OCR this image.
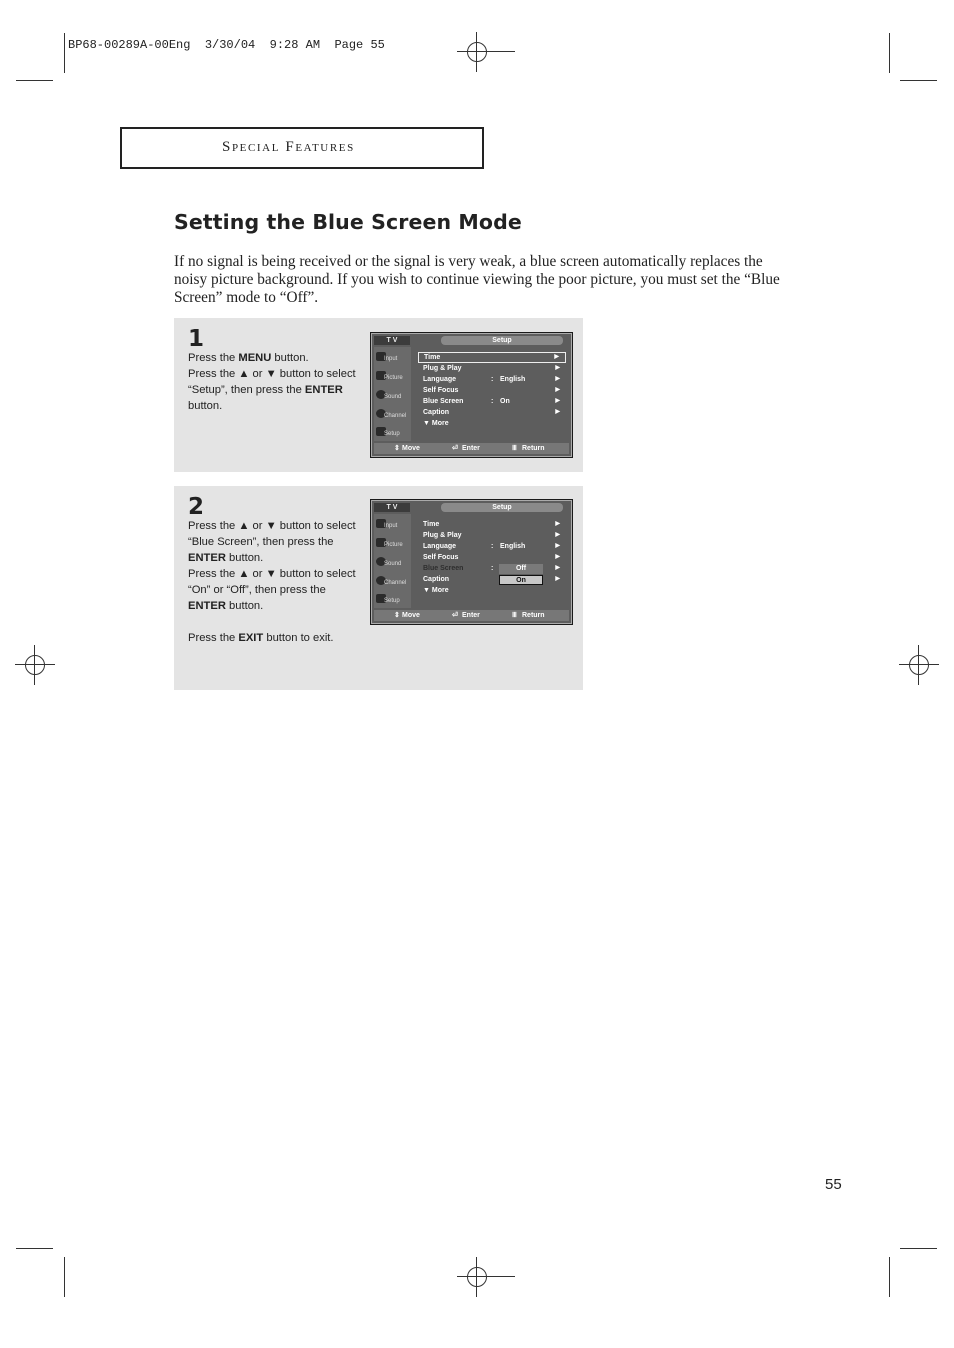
BP68-00289A-00Eng  3/30/04  9:28 AM  Page 55
Special Features
Setting the Blue Screen Mode
If no signal is being received or the signal is very weak, a blue screen automatically replaces the noisy picture background. If you wish to continue viewing the poor picture, you must set the “Blue Screen” mode to “Off”.
1
Press the MENU button.
Press the ▲ or ▼ button to select “Setup”, then press the ENTER button.
T V	Setup
Input
Picture
Sound
Channel
Setup
Time	▶
Plug & Play	▶
Language	: English	▶
Self Focus	▶
Blue Screen	: On	▶
Caption	▶
▼ More
⇕ Move	⏎ Enter	Ⅲ Return
2
Press the ▲ or ▼ button to select “Blue Screen”, then press the ENTER button.
Press the ▲ or ▼ button to select “On” or “Off”, then press the ENTER button.
Press the EXIT button to exit.
T V	Setup
Input
Picture
Sound
Channel
Setup
Time	▶
Plug & Play	▶
Language	: English	▶
Self Focus	▶
Blue Screen	:	▶
Caption	▶
▼ More
Off
On
⇕ Move	⏎ Enter	Ⅲ Return
55
